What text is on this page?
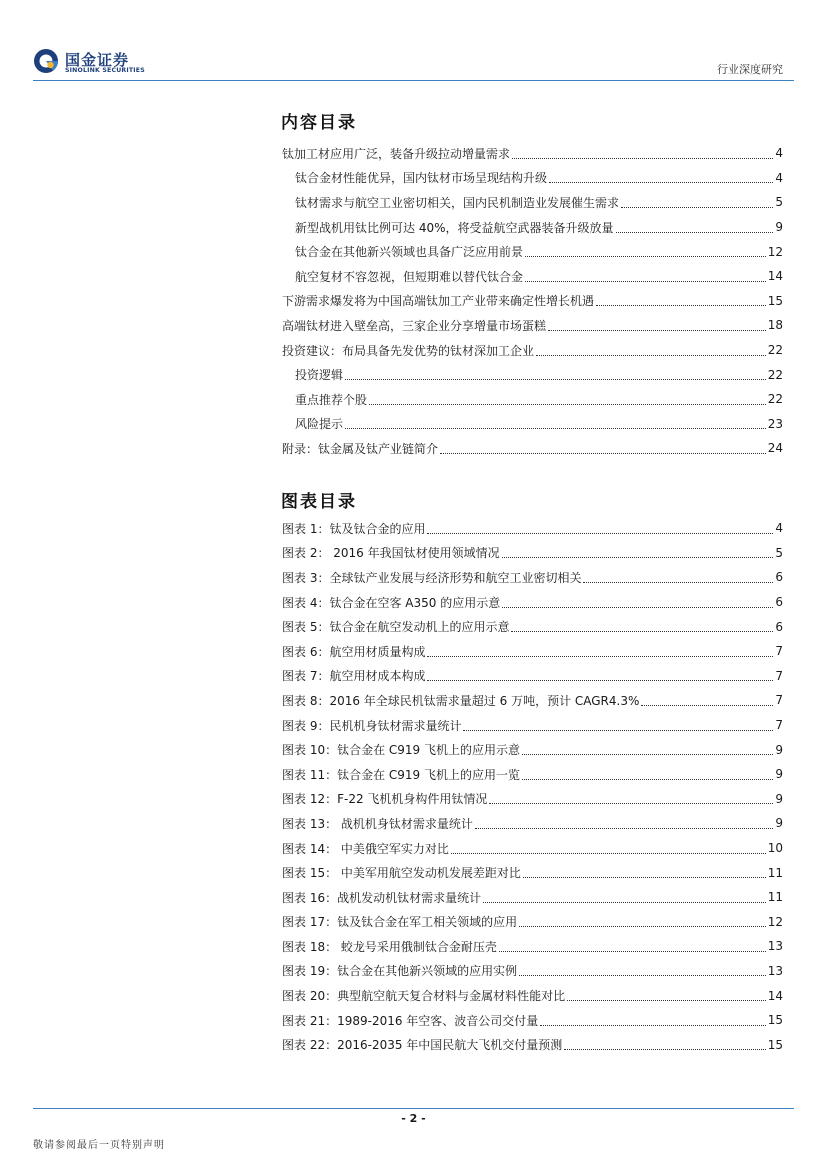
国金证券
SINOLINK SECURITIES	行业深度研究
内容目录
钛加工材应用广泛，装备升级拉动增量需求	4
钛合金材性能优异，国内钛材市场呈现结构升级	4
钛材需求与航空工业密切相关，国内民机制造业发展催生需求	5
新型战机用钛比例可达 40%，将受益航空武器装备升级放量	9
钛合金在其他新兴领域也具备广泛应用前景	12
航空复材不容忽视，但短期难以替代钛合金	14
下游需求爆发将为中国高端钛加工产业带来确定性增长机遇	15
高端钛材进入壁垒高，三家企业分享增量市场蛋糕	18
投资建议：布局具备先发优势的钛材深加工企业	22
投资逻辑	22
重点推荐个股	22
风险提示	23
附录：钛金属及钛产业链简介	24
图表目录
图表 1：钛及钛合金的应用	4
图表 2： 2016 年我国钛材使用领域情况	5
图表 3：全球钛产业发展与经济形势和航空工业密切相关	6
图表 4：钛合金在空客 A350 的应用示意	6
图表 5：钛合金在航空发动机上的应用示意	6
图表 6：航空用材质量构成	7
图表 7：航空用材成本构成	7
图表 8：2016 年全球民机钛需求量超过 6 万吨，预计 CAGR4.3%	7
图表 9：民机机身钛材需求量统计	7
图表 10：钛合金在 C919 飞机上的应用示意	9
图表 11：钛合金在 C919 飞机上的应用一览	9
图表 12：F-22 飞机机身构件用钛情况	9
图表 13： 战机机身钛材需求量统计	9
图表 14： 中美俄空军实力对比	10
图表 15： 中美军用航空发动机发展差距对比	11
图表 16：战机发动机钛材需求量统计	11
图表 17：钛及钛合金在军工相关领域的应用	12
图表 18： 蛟龙号采用俄制钛合金耐压壳	13
图表 19：钛合金在其他新兴领域的应用实例	13
图表 20：典型航空航天复合材料与金属材料性能对比	14
图表 21：1989-2016 年空客、波音公司交付量	15
图表 22：2016-2035 年中国民航大飞机交付量预测	15
- 2 -
敬请参阅最后一页特别声明
